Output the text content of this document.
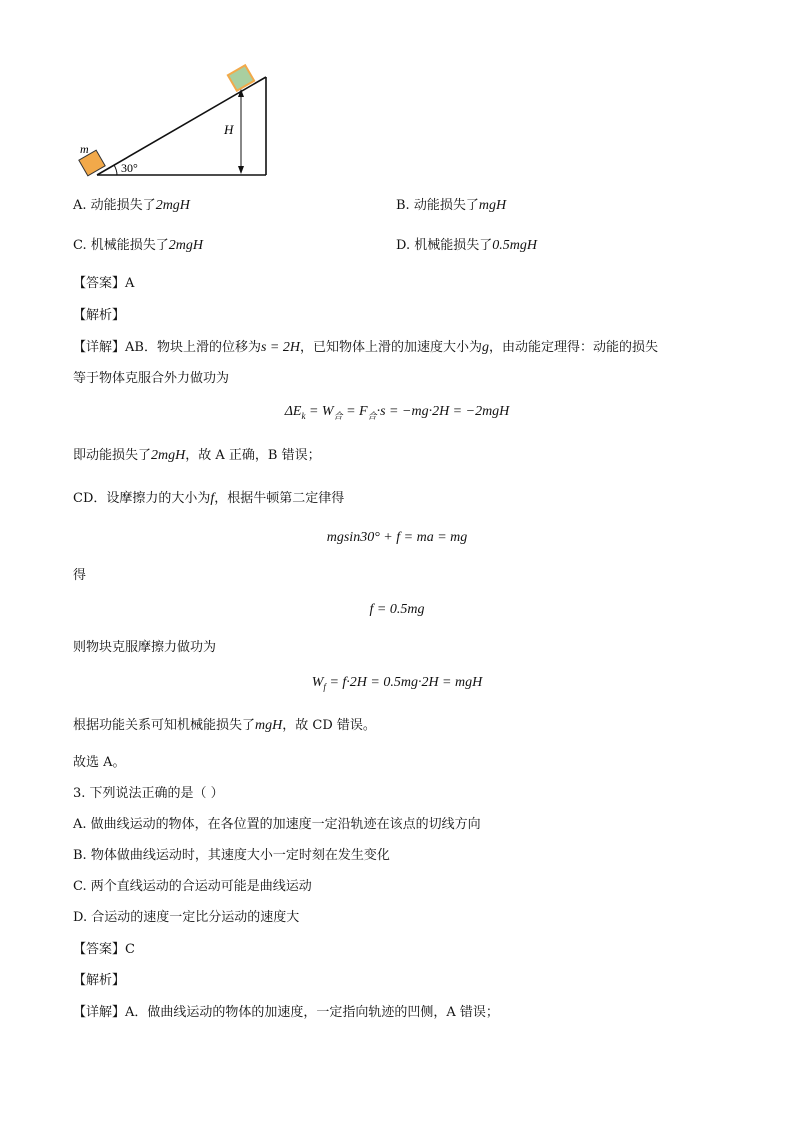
m
H
30°
A. 动能损失了2mgH	B. 动能损失了mgH
C. 机械能损失了2mgH	D. 机械能损失了0.5mgH
【答案】A
【解析】
【详解】AB．物块上滑的位移为s = 2H，已知物体上滑的加速度大小为g，由动能定理得：动能的损失
等于物体克服合外力做功为
$\Delta E_k = W_合 = F_合\cdot s = -mg\cdot 2H = -2mgH$
即动能损失了2mgH，故 A 正确，B 错误；
CD．设摩擦力的大小为f，根据牛顿第二定律得
mgsin30° + f = ma = mg
得
f = 0.5mg
则物块克服摩擦力做功为
$W_f = f\cdot 2H = 0.5mg\cdot 2H$ = mgH
根据功能关系可知机械能损失了mgH，故 CD 错误。
故选 A。
3. 下列说法正确的是（ ）
A. 做曲线运动的物体，在各位置的加速度一定沿轨迹在该点的切线方向
B. 物体做曲线运动时，其速度大小一定时刻在发生变化
C. 两个直线运动的合运动可能是曲线运动
D. 合运动的速度一定比分运动的速度大
【答案】C
【解析】
【详解】A．做曲线运动的物体的加速度，一定指向轨迹的凹侧，A 错误；
